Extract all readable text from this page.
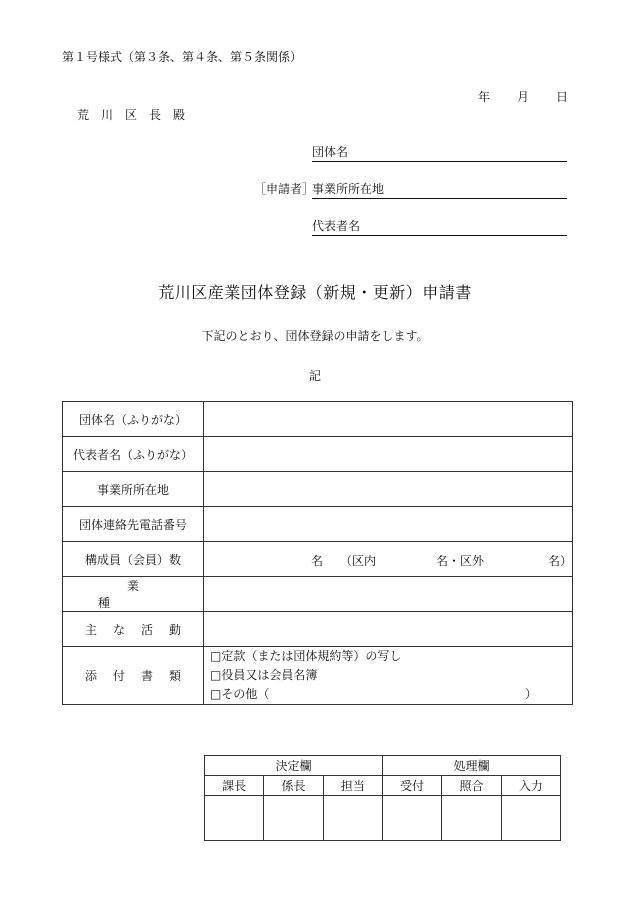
第１号様式（第３条、第４条、第５条関係）
年 月 日
荒川区長殿
団体名
［申請者］
事業所所在地
代表者名
荒川区産業団体登録（新規・更新）申請書
下記のとおり、団体登録の申請をします。
記
団体名（ふりがな）	
代表者名（ふりがな）	
事業所所在地	
団体連絡先電話番号	
構成員（会員）数	名 （区内 名・区外 名）

業種	
主な活動	
添付書類	□定款（または団体規約等）の写し
□役員又は会員名簿
□その他（ ）
決定欄			処理欄		
課長	係長	担当	受付	照合	入力
